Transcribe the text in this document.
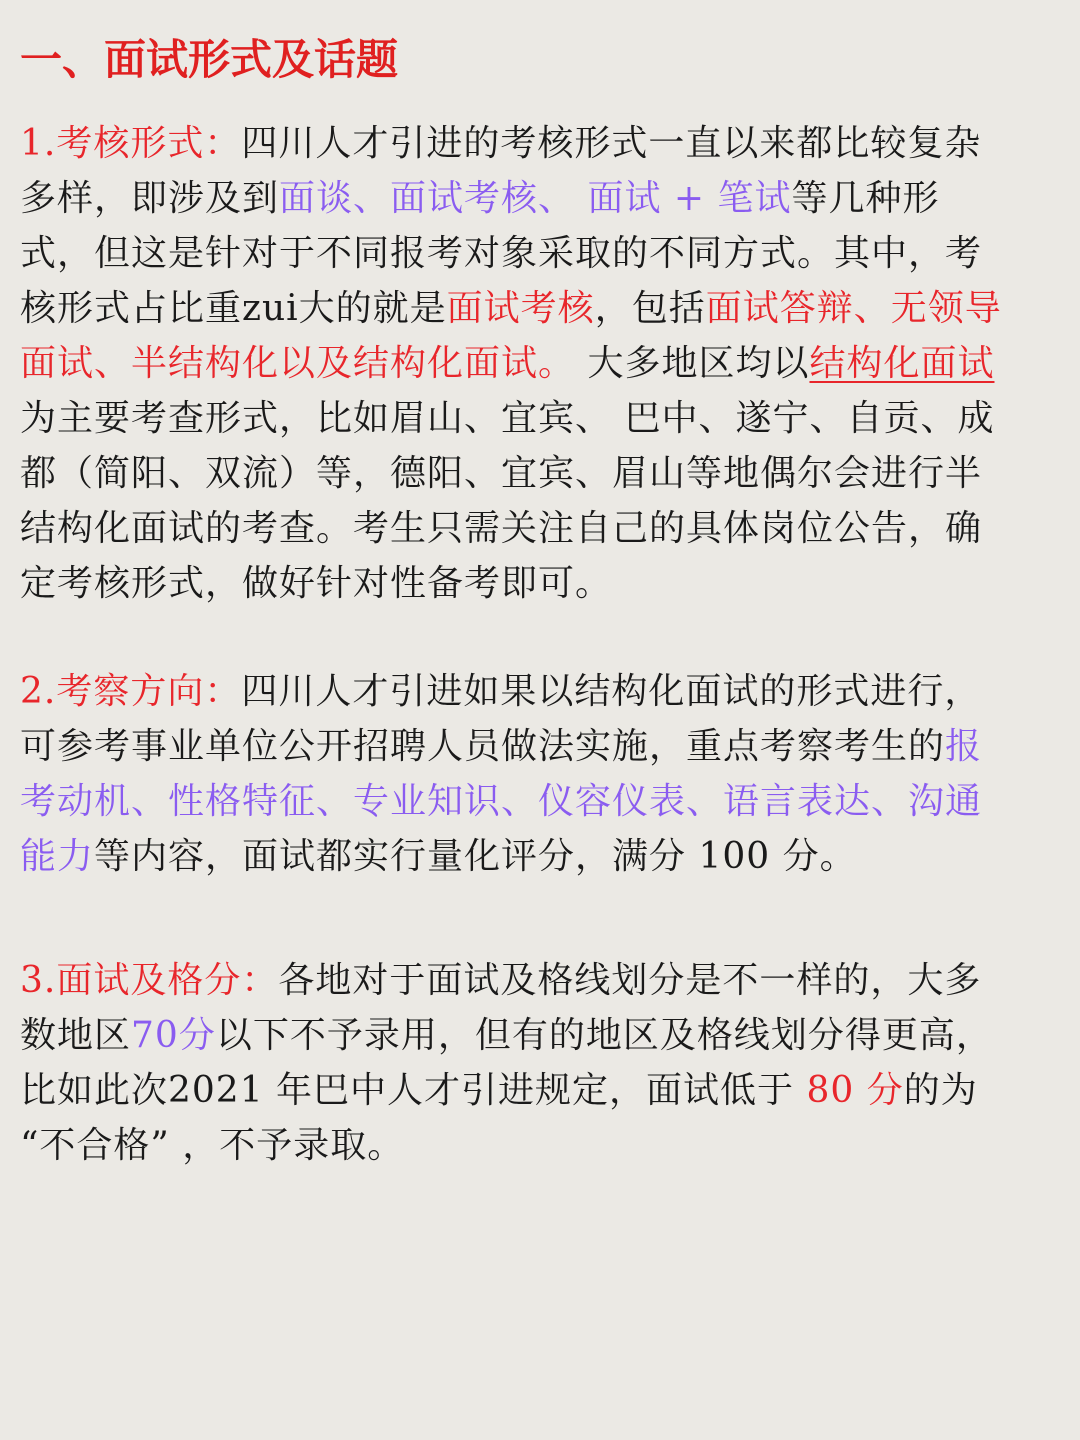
一、面试形式及话题
1.考核形式：四川人才引进的考核形式一直以来都比较复杂
多样，即涉及到面谈、面试考核、 面试 + 笔试等几种形
式，但这是针对于不同报考对象采取的不同方式。其中，考
核形式占比重zui大的就是面试考核，包括面试答辩、无领导
面试、半结构化以及结构化面试。 大多地区均以结构化面试
为主要考查形式，比如眉山、宜宾、 巴中、遂宁、自贡、成
都（简阳、双流）等，德阳、宜宾、眉山等地偶尔会进行半
结构化面试的考查。考生只需关注自己的具体岗位公告，确
定考核形式，做好针对性备考即可。
2.考察方向：四川人才引进如果以结构化面试的形式进行，
可参考事业单位公开招聘人员做法实施，重点考察考生的报
考动机、性格特征、专业知识、仪容仪表、语言表达、沟通
能力等内容，面试都实行量化评分，满分 100 分。
3.面试及格分：各地对于面试及格线划分是不一样的，大多
数地区70分以下不予录用，但有的地区及格线划分得更高，
比如此次2021 年巴中人才引进规定，面试低于 80 分的为
“不合格” ，不予录取。
